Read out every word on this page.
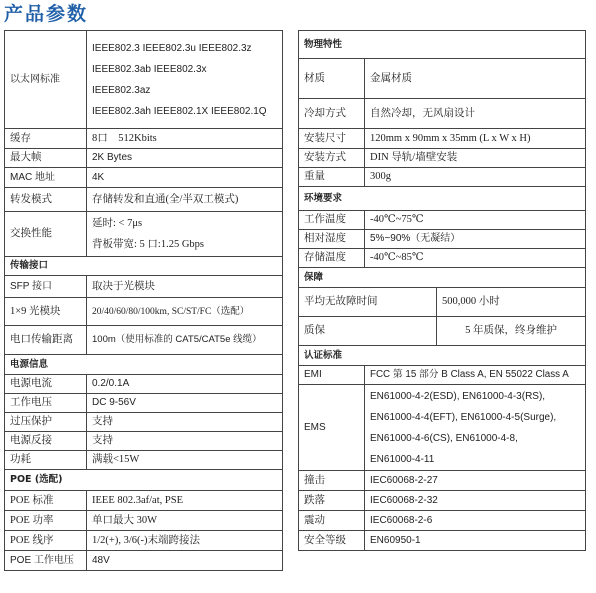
产品参数
以太网标准	IEEE802.3 IEEE802.3u IEEE802.3z
IEEE802.3ab IEEE802.3x
IEEE802.3az
IEEE802.3ah IEEE802.1X IEEE802.1Q

缓存	8口　512Kbits
最大帧	2K Bytes
MAC 地址	4K
转发模式	存储转发和直通(全/半双工模式)
交换性能	延时: < 7μs
背板带宽: 5 口:1.25 Gbps

传输接口	
SFP 接口	取决于光模块
1×9 光模块	20/40/60/80/100km, SC/ST/FC（选配）
电口传输距离	100m（使用标准的 CAT5/CAT5e 线缆）
电源信息	
电源电流	0.2/0.1A
工作电压	DC 9-56V
过压保护	支持
电源反接	支持
功耗	满载<15W
POE (选配)	
POE 标准	IEEE 802.3af/at, PSE
POE 功率	单口最大 30W
POE 线序	1/2(+), 3/6(-)末端跨接法
POE 工作电压	48V
物理特性		
材质	金属材质	
冷却方式	自然冷却，无风扇设计	
安装尺寸	120mm x 90mm x 35mm (L x W x H)	
安装方式	DIN 导轨/墙壁安装	
重量	300g	
环境要求		
工作温度	-40℃~75℃	
相对湿度	5%~90%（无凝结）	
存储温度	-40℃~85℃	
保障		
平均无故障时间		500,000 小时
质保		5 年质保，终身维护
认证标准		
EMI	FCC 第 15 部分 B Class A, EN 55022 Class A	
EMS	EN61000-4-2(ESD), EN61000-4-3(RS),
EN61000-4-4(EFT), EN61000-4-5(Surge),
EN61000-4-6(CS), EN61000-4-8,
EN61000-4-11	

撞击	IEC60068-2-27	
跌落	IEC60068-2-32	
震动	IEC60068-2-6	
安全等级	EN60950-1	
